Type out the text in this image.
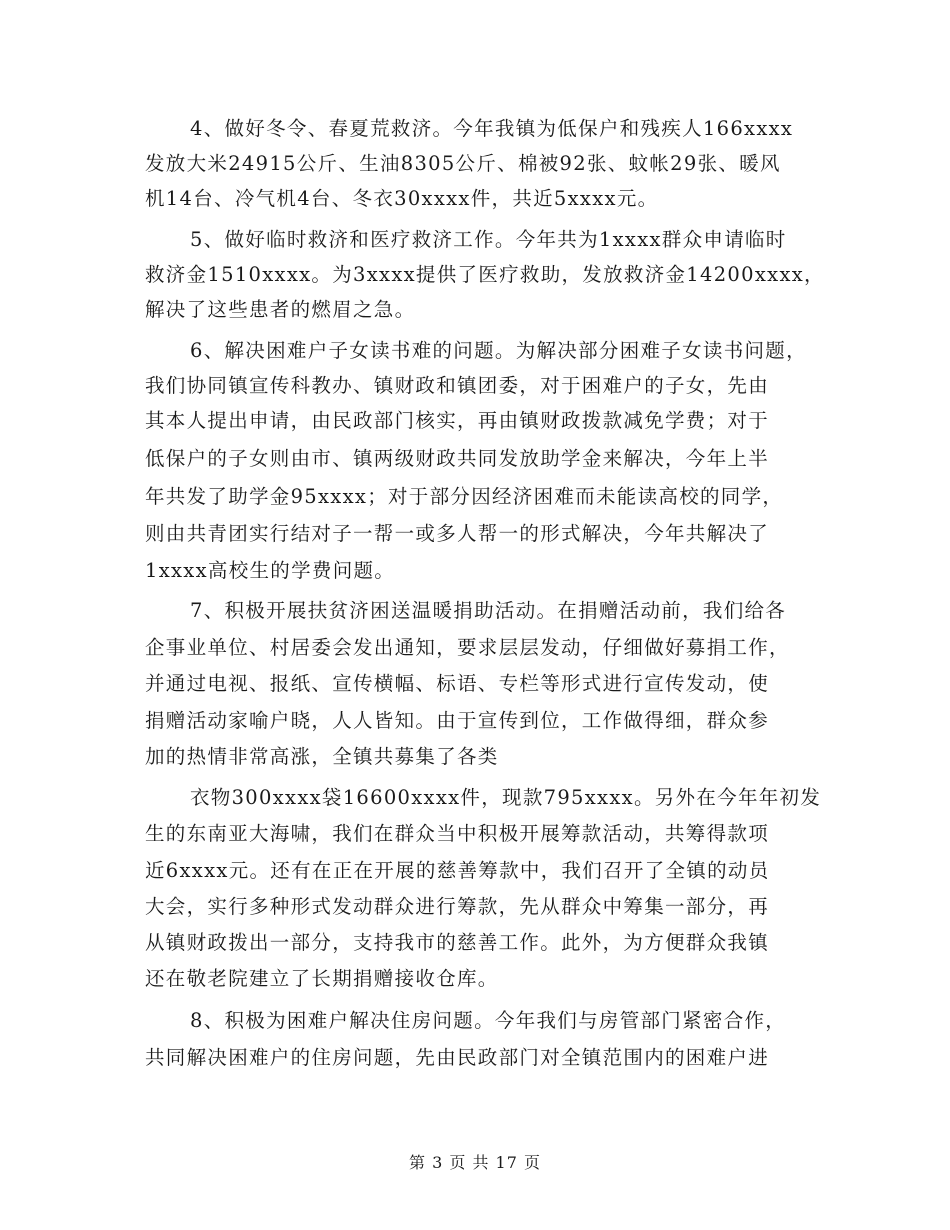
4、做好冬令、春夏荒救济。今年我镇为低保户和残疾人166xxxx
发放大米24915公斤、生油8305公斤、棉被92张、蚊帐29张、暖风
机14台、冷气机4台、冬衣30xxxx件，共近5xxxx元。
5、做好临时救济和医疗救济工作。今年共为1xxxx群众申请临时
救济金1510xxxx。为3xxxx提供了医疗救助，发放救济金14200xxxx，
解决了这些患者的燃眉之急。
6、解决困难户子女读书难的问题。为解决部分困难子女读书问题，
我们协同镇宣传科教办、镇财政和镇团委，对于困难户的子女，先由
其本人提出申请，由民政部门核实，再由镇财政拨款减免学费；对于
低保户的子女则由市、镇两级财政共同发放助学金来解决，今年上半
年共发了助学金95xxxx；对于部分因经济困难而未能读高校的同学，
则由共青团实行结对子一帮一或多人帮一的形式解决，今年共解决了
1xxxx高校生的学费问题。
7、积极开展扶贫济困送温暖捐助活动。在捐赠活动前，我们给各
企事业单位、村居委会发出通知，要求层层发动，仔细做好募捐工作，
并通过电视、报纸、宣传横幅、标语、专栏等形式进行宣传发动，使
捐赠活动家喻户晓，人人皆知。由于宣传到位，工作做得细，群众参
加的热情非常高涨，全镇共募集了各类
衣物300xxxx袋16600xxxx件，现款795xxxx。另外在今年年初发
生的东南亚大海啸，我们在群众当中积极开展筹款活动，共筹得款项
近6xxxx元。还有在正在开展的慈善筹款中，我们召开了全镇的动员
大会，实行多种形式发动群众进行筹款，先从群众中筹集一部分，再
从镇财政拨出一部分，支持我市的慈善工作。此外，为方便群众我镇
还在敬老院建立了长期捐赠接收仓库。
8、积极为困难户解决住房问题。今年我们与房管部门紧密合作，
共同解决困难户的住房问题，先由民政部门对全镇范围内的困难户进
第 3 页 共 17 页
